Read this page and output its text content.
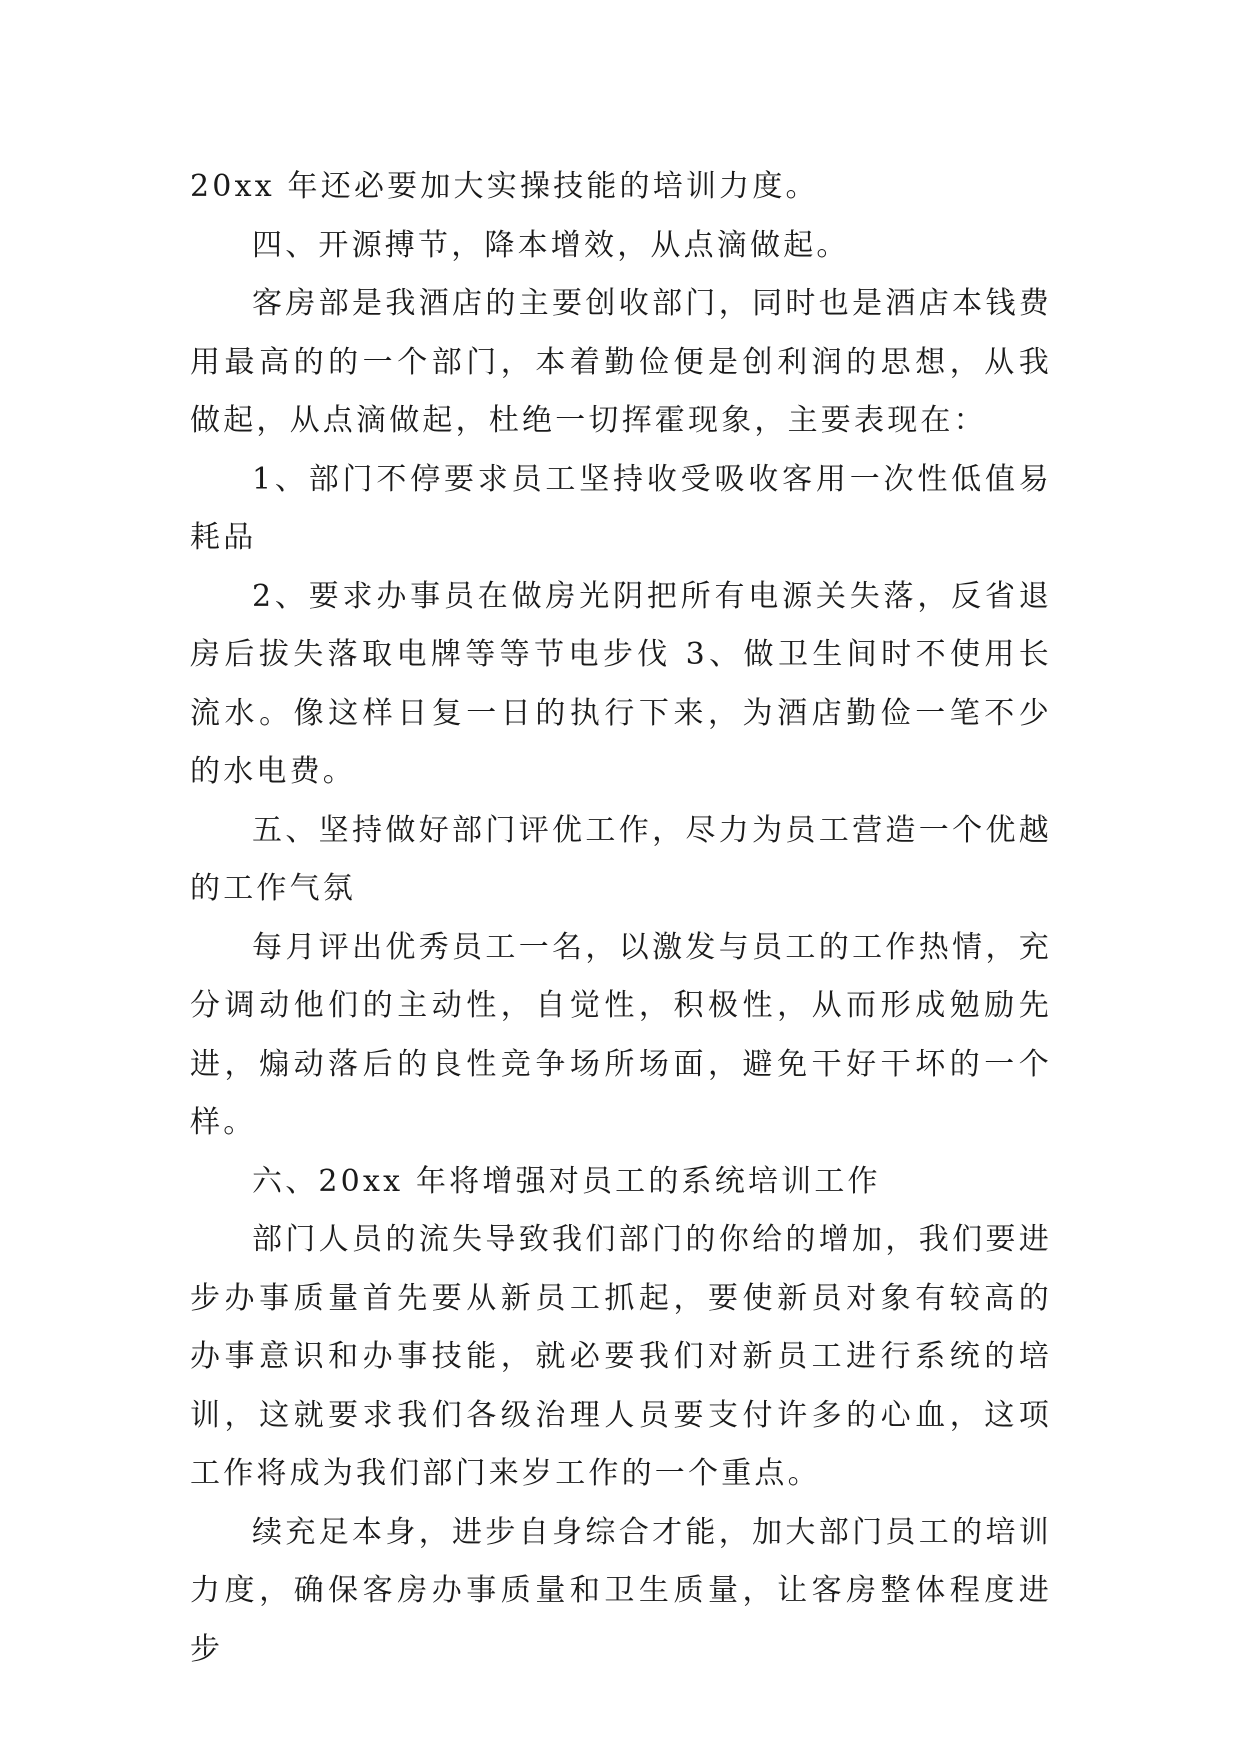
20xx 年还必要加大实操技能的培训力度。

四、开源搏节，降本增效，从点滴做起。

客房部是我酒店的主要创收部门，同时也是酒店本钱费用最高的的一个部门，本着勤俭便是创利润的思想，从我做起，从点滴做起，杜绝一切挥霍现象，主要表现在：

1、部门不停要求员工坚持收受吸收客用一次性低值易耗品

2、要求办事员在做房光阴把所有电源关失落，反省退房后拔失落取电牌等等节电步伐 3、做卫生间时不使用长流水。像这样日复一日的执行下来，为酒店勤俭一笔不少的水电费。

五、坚持做好部门评优工作，尽力为员工营造一个优越的工作气氛

每月评出优秀员工一名，以激发与员工的工作热情，充分调动他们的主动性，自觉性，积极性，从而形成勉励先进，煽动落后的良性竞争场所场面，避免干好干坏的一个样。

六、20xx 年将增强对员工的系统培训工作

部门人员的流失导致我们部门的你给的增加，我们要进步办事质量首先要从新员工抓起，要使新员对象有较高的办事意识和办事技能，就必要我们对新员工进行系统的培训，这就要求我们各级治理人员要支付许多的心血，这项工作将成为我们部门来岁工作的一个重点。

续充足本身，进步自身综合才能，加大部门员工的培训力度，确保客房办事质量和卫生质量，让客房整体程度进步
